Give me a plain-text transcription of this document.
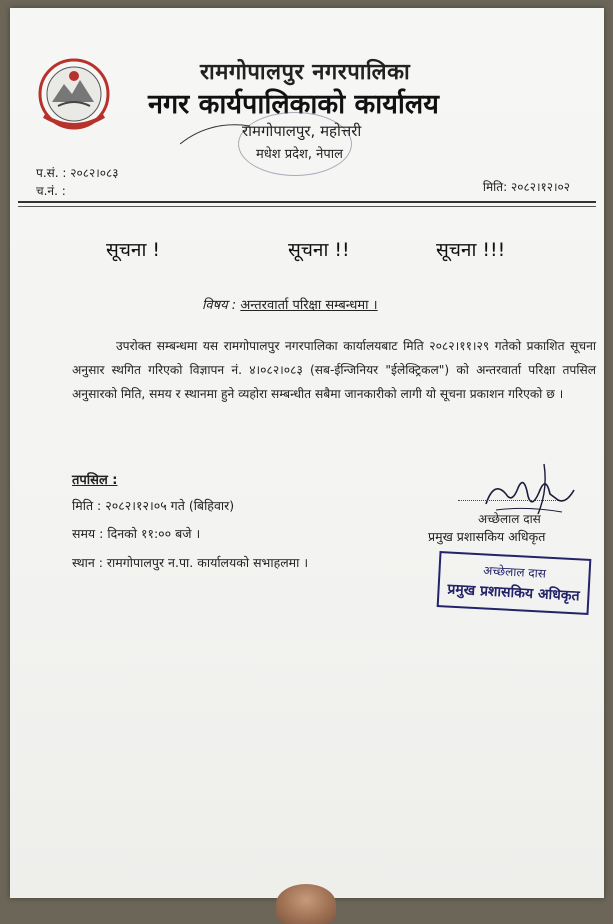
रामगोपालपुर नगरपालिका
नगर कार्यपालिकाको कार्यालय
रामगोपालपुर, महोत्तरी
मधेश प्रदेश, नेपाल
प.सं. : २०८२।०८३
च.नं. :	मिति: २०८२।१२।०२
सूचना !	सूचना !!	सूचना !!!
विषय : अन्तरवार्ता परिक्षा सम्बन्धमा ।
उपरोक्त सम्बन्धमा यस रामगोपालपुर नगरपालिका कार्यालयबाट मिति २०८२।११।२९ गतेको प्रकाशित सूचना अनुसार स्थगित गरिएको विज्ञापन नं. ४।०८२।०८३ (सब-ईन्जिनियर "ईलेक्ट्रिकल") को अन्तरवार्ता परिक्षा तपसिल अनुसारको मिति, समय र स्थानमा हुने व्यहोरा सम्बन्धीत सबैमा जानकारीको लागी यो सूचना प्रकाशन गरिएको छ ।
तपसिल :
मिति : २०८२।१२।०५ गते (बिहिवार)
समय : दिनको ११:०० बजे ।
स्थान : रामगोपालपुर न.पा. कार्यालयको सभाहलमा ।
अच्छेलाल दास
प्रमुख प्रशासकिय अधिकृत
अच्छेलाल दास
प्रमुख प्रशासकिय अधिकृत
